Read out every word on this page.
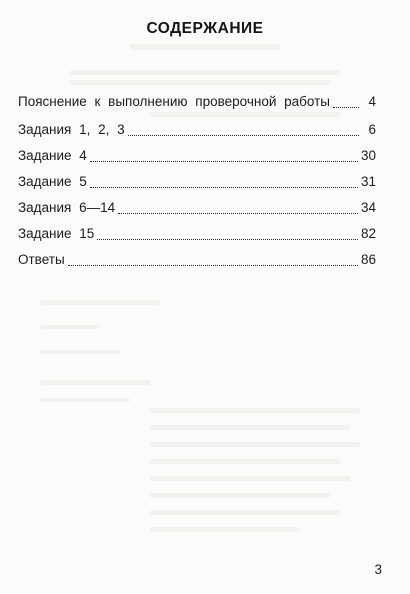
СОДЕРЖАНИЕ
Пояснение к выполнению проверочной работы	4
Задания 1, 2, 3	6
Задание 4	30
Задание 5	31
Задания 6—14	34
Задание 15	82
Ответы	86
3
